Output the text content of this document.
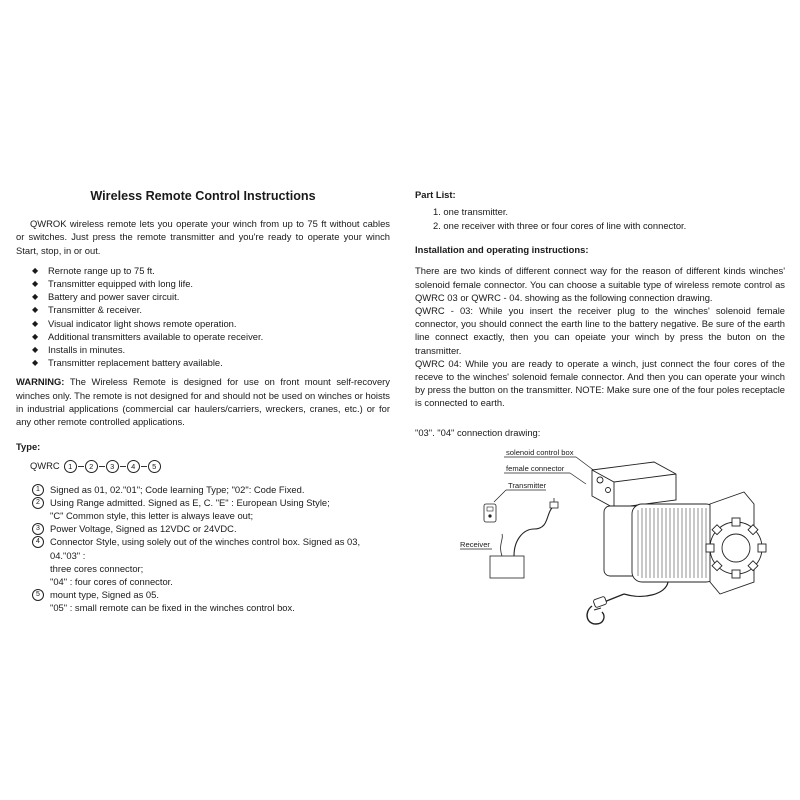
Wireless Remote Control Instructions

QWROK wireless remote lets you operate your winch from up to 75 ft without cables or switches. Just press the remote transmitter and you're ready to operate your winch Start, stop, in or out.

◆ Rernote range up to 75 ft.
◆ Transmitter equipped with long life.
◆ Battery and power saver circuit.
◆ Transmitter & receiver.
◆ Visual indicator light shows remote operation.
◆ Additional transmitters available to operate receiver.
◆ Installs in minutes.
◆ Transmitter replacement battery available.

WARNING: The Wireless Remote is designed for use on front mount self-recovery winches only. The remote is not designed for and should not be used on winches or hoists in industrial applications (commercial car haulers/carriers, wreckers, cranes, etc.) or for any other remote controlled applications.

Type:
QWRC	1	2	3	4	5
1	Signed as 01, 02."01"; Code learning Type; "02": Code Fixed.
2	Using Range admitted. Signed as E, C. "E" : European Using Style;
"C" Common style, this letter is always leave out;
3	Power Voltage, Signed as 12VDC or 24VDC.
4	Connector Style, using solely out of the winches control box. Signed as 03, 04."03" :
three cores connector;
"04" : four cores of connector.
5	mount type, Signed as 05.
"05" : small remote can be fixed in the winches control box.
Part List:
1. one transmitter.
2. one receiver with three or four cores of line with connector.
Installation and operating instructions:

There are two kinds of different connect way for the reason of different kinds winches' solenoid female connector. You can choose a suitable type of wireless remote control as QWRC 03 or QWRC - 04. showing as the following connection drawing.

QWRC - 03: While you insert the receiver plug to the winches' solenoid female connector, you should connect the earth line to the battery negative. Be sure of the earth line connect exactly, then you can opeiate your winch by press the buton on the transmitter.

QWRC 04: While you are ready to operate a winch, just connect the four cores of the receve to the winches' solenoid female connector. And then you can operate your winch by press the button on the transmitter. NOTE: Make sure one of the four poles receptacle is connected to earth.

"03". "04" connection drawing:

solenoid control box
female connector
Transmitter
Receiver
